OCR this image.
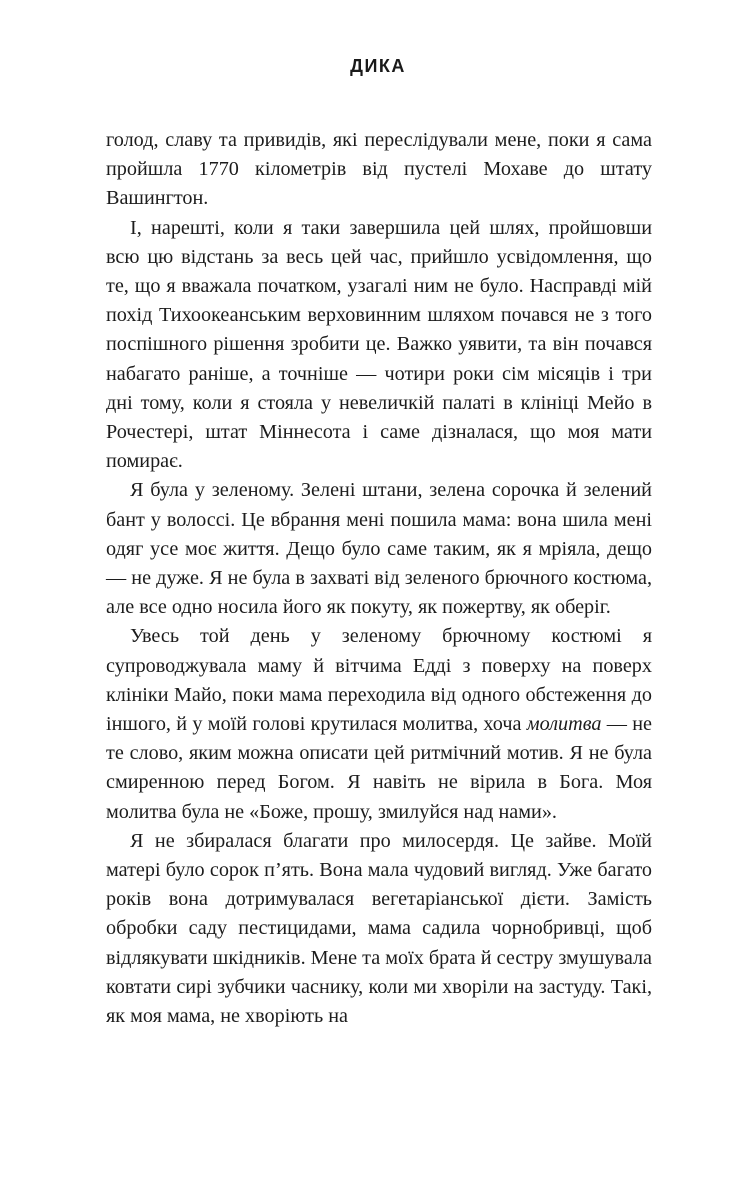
ДИКА

голод, славу та привидів, які переслідували мене, поки я сама пройшла 1770 кілометрів від пустелі Мохаве до штату Вашингтон.

І, нарешті, коли я таки завершила цей шлях, пройшовши всю цю відстань за весь цей час, прийшло усвідомлення, що те, що я вважала початком, узагалі ним не було. Насправді мій похід Тихоокеанським верховинним шляхом почався не з того поспішного рішення зробити це. Важко уявити, та він почався набагато раніше, а точніше — чотири роки сім місяців і три дні тому, коли я стояла у невеличкій палаті в клініці Мейо в Рочестері, штат Міннесота і саме дізналася, що моя мати помирає.

Я була у зеленому. Зелені штани, зелена сорочка й зелений бант у волоссі. Це вбрання мені пошила мама: вона шила мені одяг усе моє життя. Дещо було саме таким, як я мріяла, дещо — не дуже. Я не була в захваті від зеленого брючного костюма, але все одно носила його як покуту, як пожертву, як оберіг.

Увесь той день у зеленому брючному костюмі я супроводжувала маму й вітчима Едді з поверху на поверх клініки Майо, поки мама переходила від одного обстеження до іншого, й у моїй голові крутилася молитва, хоча молитва — не те слово, яким можна описати цей ритмічний мотив. Я не була смиренною перед Богом. Я навіть не вірила в Бога. Моя молитва була не «Боже, прошу, змилуйся над нами».

Я не збиралася благати про милосердя. Це зайве. Моїй матері було сорок п’ять. Вона мала чудовий вигляд. Уже багато років вона дотримувалася вегетаріанської дієти. Замість обробки саду пестицидами, мама садила чорнобривці, щоб відлякувати шкідників. Мене та моїх брата й сестру змушувала ковтати сирі зубчики часнику, коли ми хворіли на застуду. Такі, як моя мама, не хворіють на
